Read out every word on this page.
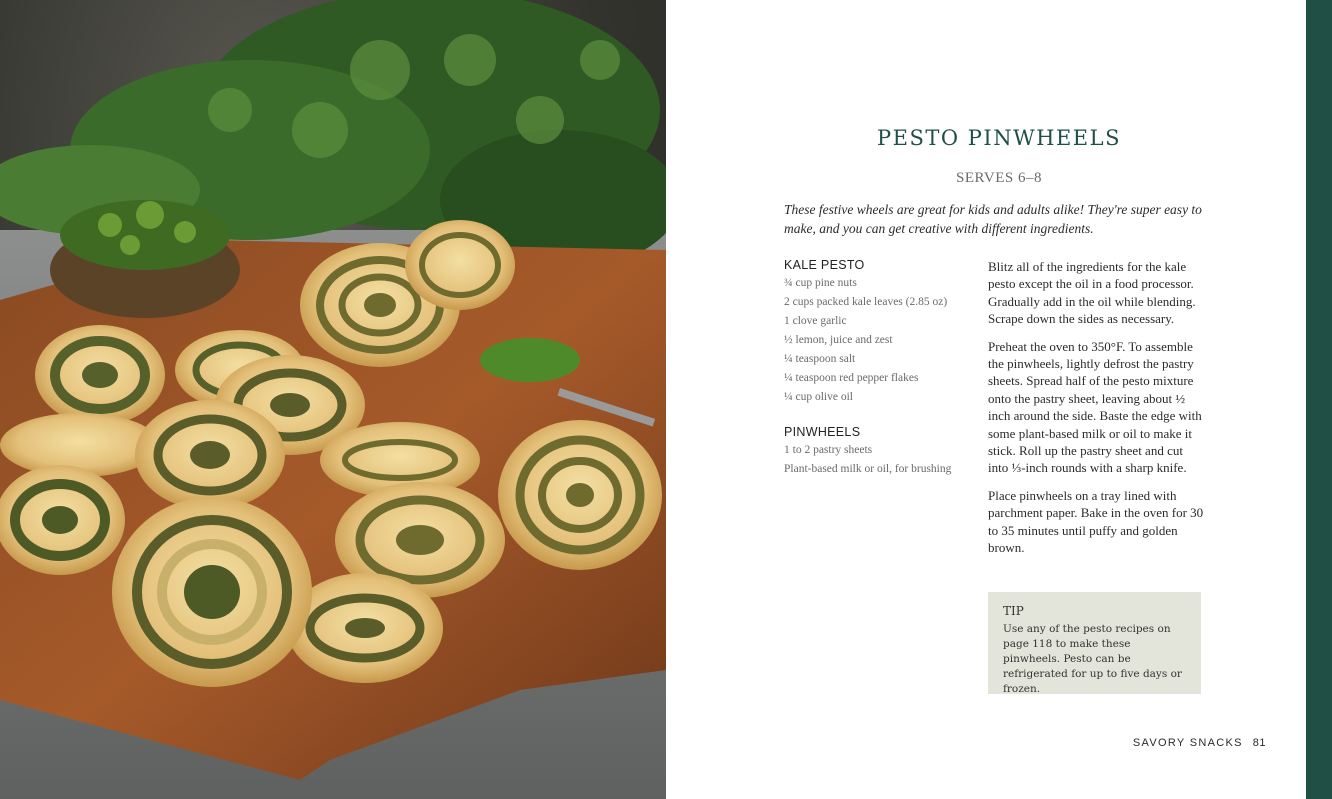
PESTO PINWHEELS
SERVES 6–8
These festive wheels are great for kids and adults alike! They're super easy to make, and you can get creative with different ingredients.
KALE PESTO
¾ cup pine nuts
2 cups packed kale leaves (2.85 oz)
1 clove garlic
½ lemon, juice and zest
¼ teaspoon salt
¼ teaspoon red pepper flakes
¼ cup olive oil
PINWHEELS
1 to 2 pastry sheets
Plant-based milk or oil, for brushing

Blitz all of the ingredients for the kale pesto except the oil in a food processor. Gradually add in the oil while blending. Scrape down the sides as necessary.

Preheat the oven to 350°F. To assemble the pinwheels, lightly defrost the pastry sheets. Spread half of the pesto mixture onto the pastry sheet, leaving about ½ inch around the side. Baste the edge with some plant-based milk or oil to make it stick. Roll up the pastry sheet and cut into ⅓-inch rounds with a sharp knife.

Place pinwheels on a tray lined with parchment paper. Bake in the oven for 30 to 35 minutes until puffy and golden brown.

TIP
Use any of the pesto recipes on page 118 to make these pinwheels. Pesto can be refrigerated for up to five days or frozen.
SAVORY SNACKS 81
